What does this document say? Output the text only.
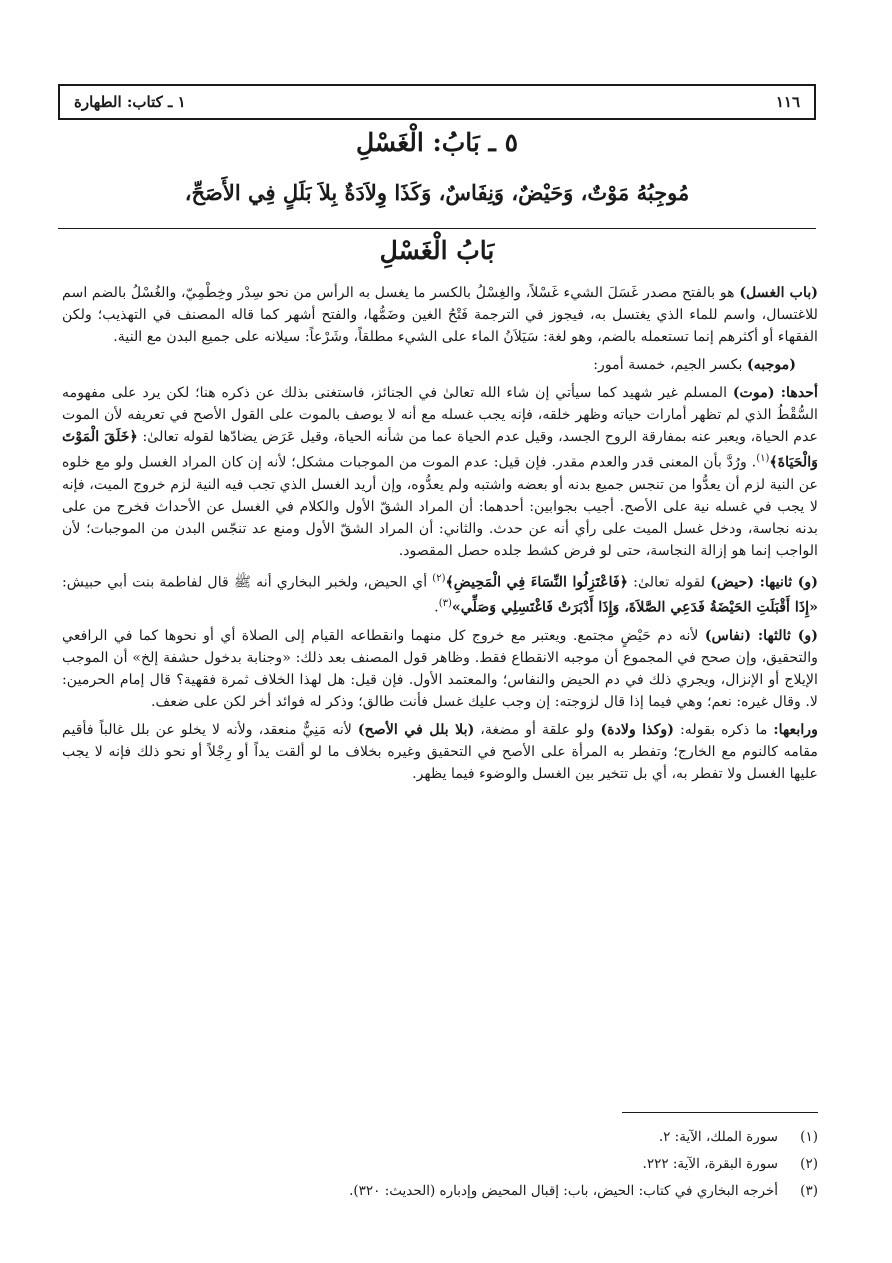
١١٦
١ ـ كتاب: الطهارة
٥ ـ بَابُ: الْغَسْلِ
مُوجِبُهُ مَوْتٌ، وَحَيْضٌ، وَنِفَاسٌ، وَكَذَا وِلاَدَةٌ بِلاَ بَلَلٍ فِي الأَصَحِّ،
بَابُ الْغَسْلِ

(باب الغسل) هو بالفتح مصدر غَسَلَ الشيء غَسْلاً، والغِسْلُ بالكسر ما يغسل به الرأس من نحو سِدْر وخِطْمِيّ، والغُسْلُ بالضم اسم للاغتسال، واسم للماء الذي يغتسل به، فيجوز في الترجمة فَتْحُ الغين وضَمُّها، والفتح أشهر كما قاله المصنف في التهذيب؛ ولكن الفقهاء أو أكثرهم إنما تستعمله بالضم، وهو لغة: سَيَلاَنُ الماء على الشيء مطلقاً، وشَرْعاً: سيلانه على جميع البدن مع النية.

(موجبه) بكسر الجيم، خمسة أمور:

أحدها: (موت) المسلم غير شهيد كما سيأتي إن شاء الله تعالىٰ في الجنائز، فاستغنى بذلك عن ذكره هنا؛ لكن يرد على مفهومه السُّقْطُ الذي لم تظهر أمارات حياته وظهر خلقه، فإنه يجب غسله مع أنه لا يوصف بالموت على القول الأصح في تعريفه لأن الموت عدم الحياة، ويعبر عنه بمفارقة الروح الجسد، وقيل عدم الحياة عما من شأنه الحياة، وقيل عَرَض يضادّها لقوله تعالىٰ: ﴿خَلَقَ الْمَوْتَ وَالْحَيَاةَ﴾$^{(١)}$. ورُدَّ بأن المعنى قدر والعدم مقدر. فإن قيل: عدم الموت من الموجبات مشكل؛ لأنه إن كان المراد الغسل ولو مع خلوه عن النية لزم أن يعدُّوا من تنجس جميع بدنه أو بعضه واشتبه ولم يعدُّوه، وإن أريد الغسل الذي تجب فيه النية لزم خروج الميت، فإنه لا يجب في غسله نية على الأصح. أجيب بجوابين: أحدهما: أن المراد الشقّ الأول والكلام في الغسل عن الأحداث فخرج من على بدنه نجاسة، ودخل غسل الميت على رأي أنه عن حدث. والثاني: أن المراد الشقّ الأول ومنع عد تنجّس البدن من الموجبات؛ لأن الواجب إنما هو إزالة النجاسة، حتى لو فرض كشط جلده حصل المقصود.

(و) ثانيها: (حيض) لقوله تعالىٰ: ﴿فَاعْتَزِلُوا النِّسَاءَ فِي الْمَحِيضِ﴾$^{(٢)}$ أي الحيض، ولخبر البخاري أنه ﷺ قال لفاطمة بنت أبي حبيش: «إِذَا أَقْبَلَتِ الحَيْضَةُ فَدَعِي الصَّلاَةَ، وَإِذَا أَدْبَرَتْ فَاغْتَسِلِي وَصَلِّي»$^{(٣)}$.

(و) ثالثها: (نفاس) لأنه دم حَيْضٍ مجتمع. ويعتبر مع خروج كل منهما وانقطاعه القيام إلى الصلاة أي أو نحوها كما في الرافعي والتحقيق، وإن صحح في المجموع أن موجبه الانقطاع فقط. وظاهر قول المصنف بعد ذلك: «وجنابة بدخول حشفة إلخ» أن الموجب الإيلاج أو الإنزال، ويجري ذلك في دم الحيض والنفاس؛ والمعتمد الأول. فإن قيل: هل لهذا الخلاف ثمرة فقهية؟ قال إمام الحرمين: لا. وقال غيره: نعم؛ وهي فيما إذا قال لزوجته: إن وجب عليك غسل فأنت طالق؛ وذكر له فوائد أخر لكن على ضعف.

ورابعها: ما ذكره بقوله: (وكذا ولادة) ولو علقة أو مضغة، (بلا بلل في الأصح) لأنه مَنِيٌّ منعقد، ولأنه لا يخلو عن بلل غالباً فأقيم مقامه كالنوم مع الخارج؛ وتفطر به المرأة على الأصح في التحقيق وغيره بخلاف ما لو ألقت يداً أو رِجْلاً أو نحو ذلك فإنه لا يجب عليها الغسل ولا تفطر به، أي بل تتخير بين الغسل والوضوء فيما يظهر.

(١)
سورة الملك، الآية: ٢.
(٢)
سورة البقرة، الآية: ٢٢٢.
(٣)
أخرجه البخاري في كتاب: الحيض، باب: إقبال المحيض وإدباره (الحديث: ٣٢٠).
